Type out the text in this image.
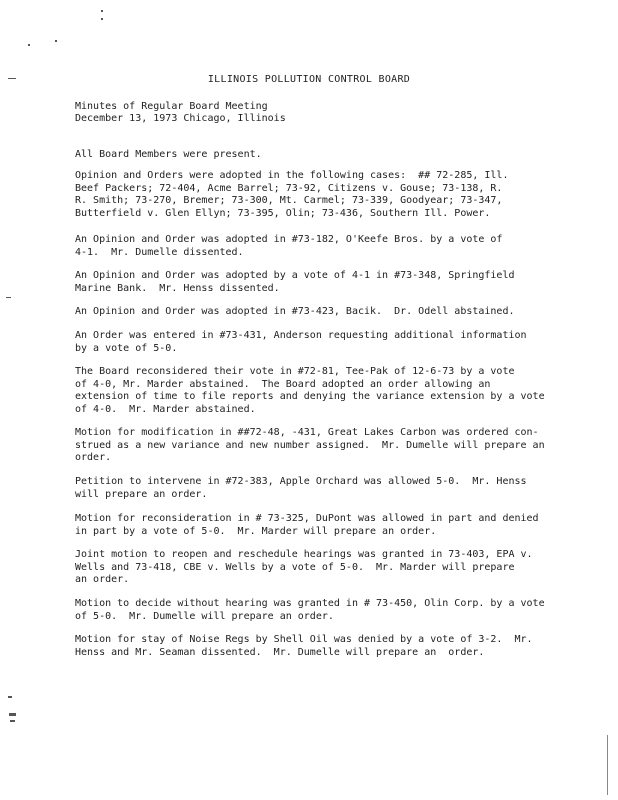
ILLINOIS POLLUTION CONTROL BOARD
Minutes of Regular Board Meeting
December 13, 1973 Chicago, Illinois
All Board Members were present.
Opinion and Orders were adopted in the following cases:  ## 72-285, Ill.
Beef Packers; 72-404, Acme Barrel; 73-92, Citizens v. Gouse; 73-138, R.
R. Smith; 73-270, Bremer; 73-300, Mt. Carmel; 73-339, Goodyear; 73-347,
Butterfield v. Glen Ellyn; 73-395, Olin; 73-436, Southern Ill. Power.
An Opinion and Order was adopted in #73-182, O'Keefe Bros. by a vote of
4-1.  Mr. Dumelle dissented.
An Opinion and Order was adopted by a vote of 4-1 in #73-348, Springfield
Marine Bank.  Mr. Henss dissented.
An Opinion and Order was adopted in #73-423, Bacik.  Dr. Odell abstained.
An Order was entered in #73-431, Anderson requesting additional information
by a vote of 5-0.
The Board reconsidered their vote in #72-81, Tee-Pak of 12-6-73 by a vote
of 4-0, Mr. Marder abstained.  The Board adopted an order allowing an
extension of time to file reports and denying the variance extension by a vote
of 4-0.  Mr. Marder abstained.
Motion for modification in ##72-48, -431, Great Lakes Carbon was ordered con-
strued as a new variance and new number assigned.  Mr. Dumelle will prepare an
order.
Petition to intervene in #72-383, Apple Orchard was allowed 5-0.  Mr. Henss
will prepare an order.
Motion for reconsideration in # 73-325, DuPont was allowed in part and denied
in part by a vote of 5-0.  Mr. Marder will prepare an order.
Joint motion to reopen and reschedule hearings was granted in 73-403, EPA v.
Wells and 73-418, CBE v. Wells by a vote of 5-0.  Mr. Marder will prepare
an order.
Motion to decide without hearing was granted in # 73-450, Olin Corp. by a vote
of 5-0.  Mr. Dumelle will prepare an order.
Motion for stay of Noise Regs by Shell Oil was denied by a vote of 3-2.  Mr.
Henss and Mr. Seaman dissented.  Mr. Dumelle will prepare an  order.
